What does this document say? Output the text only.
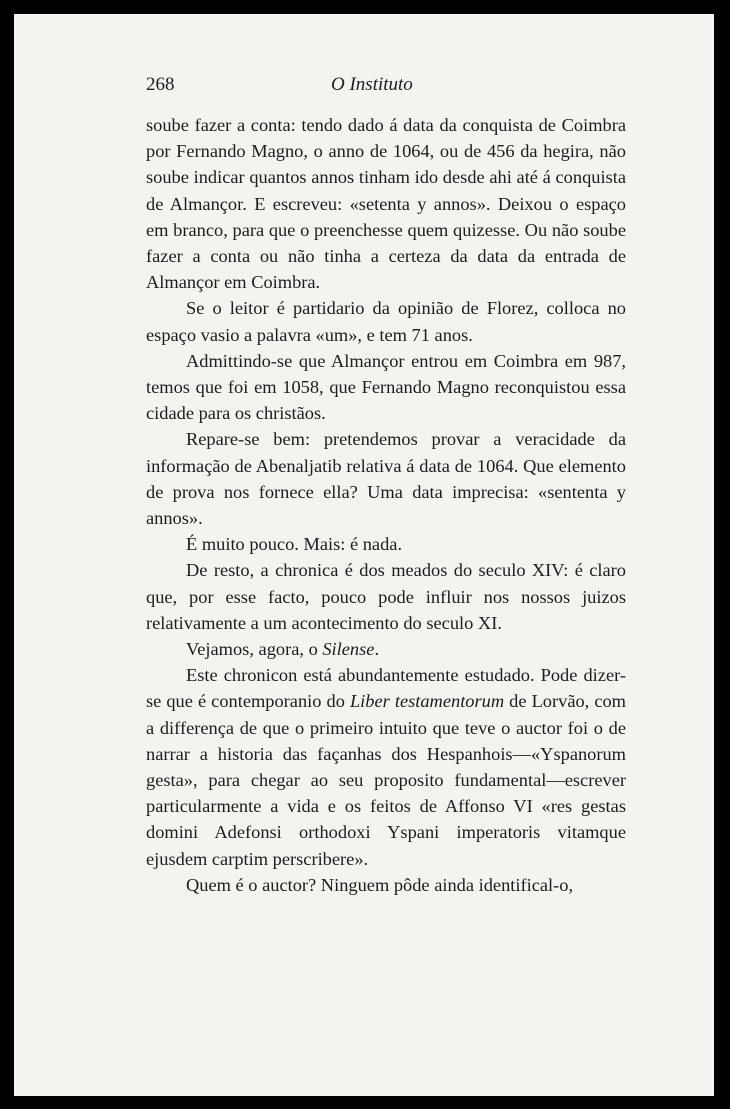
268	O Instituto

soube fazer a conta: tendo dado á data da conquista de Coimbra por Fernando Magno, o anno de 1064, ou de 456 da hegira, não soube indicar quantos annos tinham ido desde ahi até á conquista de Almançor. E escreveu: «setenta y annos». Deixou o espaço em branco, para que o preenchesse quem quizesse. Ou não soube fazer a conta ou não tinha a certeza da data da entrada de Almançor em Coimbra.

Se o leitor é partidario da opinião de Florez, colloca no espaço vasio a palavra «um», e tem 71 anos.

Admittindo-se que Almançor entrou em Coimbra em 987, temos que foi em 1058, que Fernando Magno reconquistou essa cidade para os christãos.

Repare-se bem: pretendemos provar a veracidade da informação de Abenaljatib relativa á data de 1064. Que elemento de prova nos fornece ella? Uma data imprecisa: «sententa y annos».

É muito pouco. Mais: é nada.

De resto, a chronica é dos meados do seculo XIV: é claro que, por esse facto, pouco pode influir nos nossos juizos relativamente a um acontecimento do seculo XI.

Vejamos, agora, o Silense.

Este chronicon está abundantemente estudado. Pode dizer-se que é contemporanio do Liber testamentorum de Lorvão, com a differença de que o primeiro intuito que teve o auctor foi o de narrar a historia das façanhas dos Hespanhois—«Yspanorum gesta», para chegar ao seu proposito fundamental—escrever particularmente a vida e os feitos de Affonso VI «res gestas domini Adefonsi orthodoxi Yspani imperatoris vitamque ejusdem carptim perscribere».

Quem é o auctor? Ninguem pôde ainda identifical-o,
